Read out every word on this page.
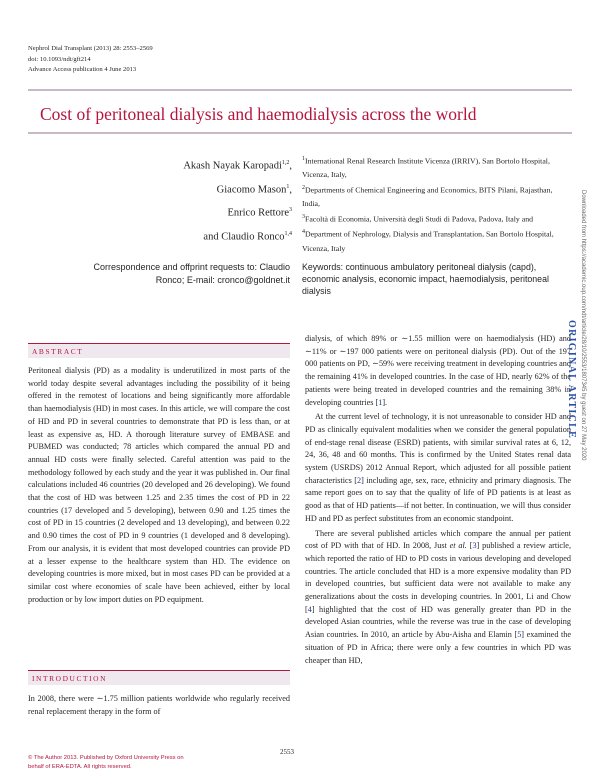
Nephrol Dial Transplant (2013) 28: 2553–2569
doi: 10.1093/ndt/gft214
Advance Access publication 4 June 2013
Cost of peritoneal dialysis and haemodialysis across the world
Akash Nayak Karopadi$^{1,2}$,
Giacomo Mason$^1$,
Enrico Rettore$^3$
and Claudio Ronco$^{1,4}$
$^1$International Renal Research Institute Vicenza (IRRIV), San Bortolo Hospital, Vicenza, Italy,
$^2$Departments of Chemical Engineering and Economics, BITS Pilani, Rajasthan, India,
$^3$Facoltà di Economia, Università degli Studi di Padova, Padova, Italy and
$^4$Department of Nephrology, Dialysis and Transplantation, San Bortolo Hospital, Vicenza, Italy
Correspondence and offprint requests to: Claudio Ronco; E-mail: cronco@goldnet.it
Keywords: continuous ambulatory peritoneal dialysis (capd), economic analysis, economic impact, haemodialysis, peritoneal dialysis
ABSTRACT

Peritoneal dialysis (PD) as a modality is underutilized in most parts of the world today despite several advantages including the possibility of it being offered in the remotest of locations and being significantly more affordable than haemodialysis (HD) in most cases. In this article, we will compare the cost of HD and PD in several countries to demonstrate that PD is less than, or at least as expensive as, HD. A thorough literature survey of EMBASE and PUBMED was conducted; 78 articles which compared the annual PD and annual HD costs were finally selected. Careful attention was paid to the methodology followed by each study and the year it was published in. Our final calculations included 46 countries (20 developed and 26 developing). We found that the cost of HD was between 1.25 and 2.35 times the cost of PD in 22 countries (17 developed and 5 developing), between 0.90 and 1.25 times the cost of PD in 15 countries (2 developed and 13 developing), and between 0.22 and 0.90 times the cost of PD in 9 countries (1 developed and 8 developing). From our analysis, it is evident that most developed countries can provide PD at a lesser expense to the healthcare system than HD. The evidence on developing countries is more mixed, but in most cases PD can be provided at a similar cost where economies of scale have been achieved, either by local production or by low import duties on PD equipment.

INTRODUCTION

In 2008, there were ∼1.75 million patients worldwide who regularly received renal replacement therapy in the form of

dialysis, of which 89% or ∼1.55 million were on haemodialysis (HD) and ∼11% or ∼197 000 patients were on peritoneal dialysis (PD). Out of the 197 000 patients on PD, ∼59% were receiving treatment in developing countries and the remaining 41% in developed countries. In the case of HD, nearly 62% of the patients were being treated in developed countries and the remaining 38% in developing countries [1].

At the current level of technology, it is not unreasonable to consider HD and PD as clinically equivalent modalities when we consider the general population of end-stage renal disease (ESRD) patients, with similar survival rates at 6, 12, 24, 36, 48 and 60 months. This is confirmed by the United States renal data system (USRDS) 2012 Annual Report, which adjusted for all possible patient characteristics [2] including age, sex, race, ethnicity and primary diagnosis. The same report goes on to say that the quality of life of PD patients is at least as good as that of HD patients—if not better. In continuation, we will thus consider HD and PD as perfect substitutes from an economic standpoint.

There are several published articles which compare the annual per patient cost of PD with that of HD. In 2008, Just et al. [3] published a review article, which reported the ratio of HD to PD costs in various developing and developed countries. The article concluded that HD is a more expensive modality than PD in developed countries, but sufficient data were not available to make any generalizations about the costs in developing countries. In 2001, Li and Chow [4] highlighted that the cost of HD was generally greater than PD in the developed Asian countries, while the reverse was true in the case of developing Asian countries. In 2010, an article by Abu-Aisha and Elamin [5] examined the situation of PD in Africa; there were only a few countries in which PD was cheaper than HD,

Downloaded from https://academic.oup.com/ndt/article/28/10/2553/1807345 by guest on 27 May 2020
ORIGINAL ARTICLE
2553
© The Author 2013. Published by Oxford University Press on
behalf of ERA-EDTA. All rights reserved.
